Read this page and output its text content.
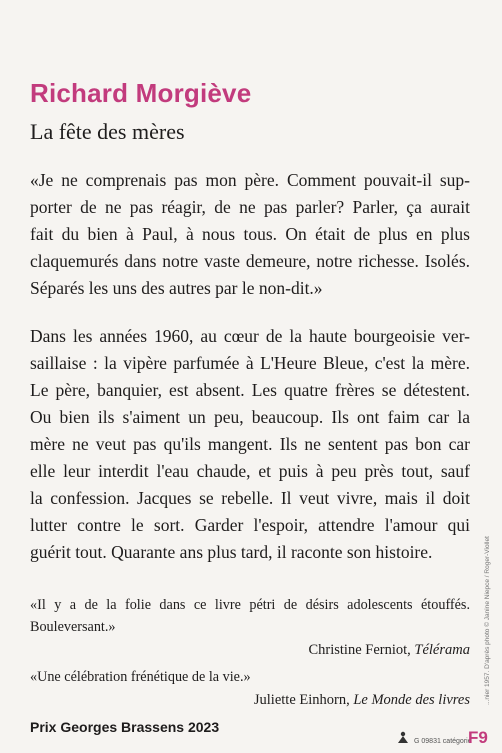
Richard Morgiève
La fête des mères
«Je ne comprenais pas mon père. Comment pouvait-il sup-
porter de ne pas réagir, de ne pas parler? Parler, ça aurait
fait du bien à Paul, à nous tous. On était de plus en plus
claquemurés dans notre vaste demeure, notre richesse. Isolés.
Séparés les uns des autres par le non-dit.»
Dans les années 1960, au cœur de la haute bourgeoisie ver-
saillaise : la vipère parfumée à L'Heure Bleue, c'est la mère.
Le père, banquier, est absent. Les quatre frères se détestent.
Ou bien ils s'aiment un peu, beaucoup. Ils ont faim car la
mère ne veut pas qu'ils mangent. Ils ne sentent pas bon car
elle leur interdit l'eau chaude, et puis à peu près tout, sauf
la confession. Jacques se rebelle. Il veut vivre, mais il doit
lutter contre le sort. Garder l'espoir, attendre l'amour qui
guérit tout. Quarante ans plus tard, il raconte son histoire.
«Il y a de la folie dans ce livre pétri de désirs adolescents étouffés.
Bouleversant.»
Christine Ferniot, Télérama
«Une célébration frénétique de la vie.»
Juliette Einhorn, Le Monde des livres
Prix Georges Brassens 2023
G 09831 catégorie
F9
...nier 1957. D'après photo © Janine Niepce / Roger-Viollet
